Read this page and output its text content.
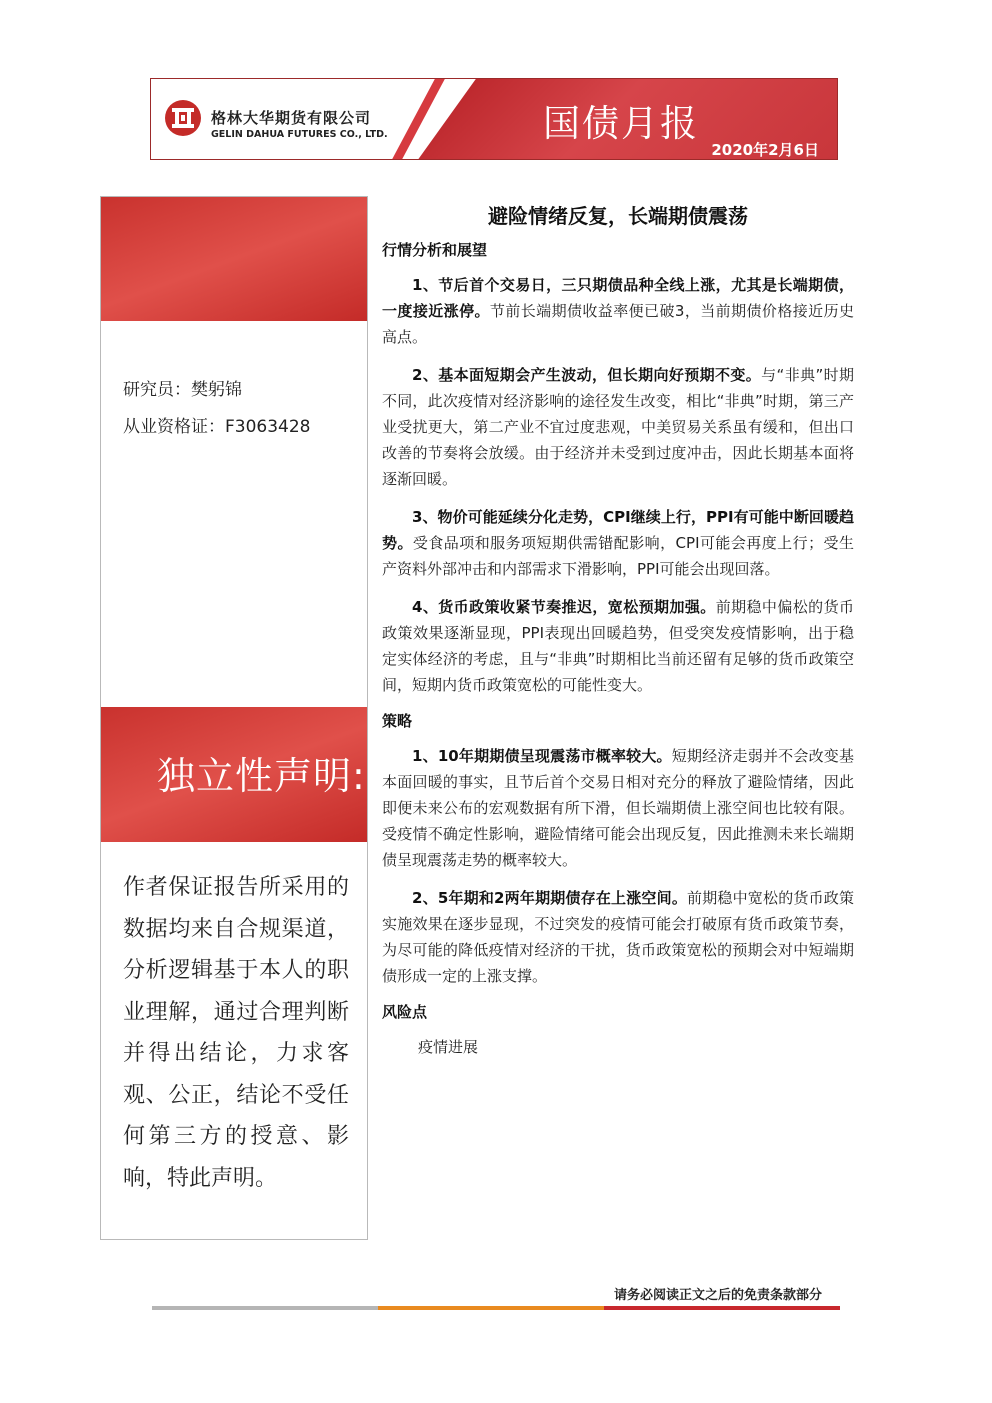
格林大华期货有限公司
GELIN DAHUA FUTURES CO., LTD.	国债月报
2020年2月6日
研究员：樊躬锦
从业资格证：F3063428
独立性声明:
作者保证报告所采用的数据均来自合规渠道，分析逻辑基于本人的职业理解，通过合理判断并得出结论，力求客观、公正，结论不受任何第三方的授意、影响，特此声明。
避险情绪反复，长端期债震荡
行情分析和展望

1、节后首个交易日，三只期债品种全线上涨，尤其是长端期债，一度接近涨停。节前长端期债收益率便已破3，当前期债价格接近历史高点。

2、基本面短期会产生波动，但长期向好预期不变。与“非典”时期不同，此次疫情对经济影响的途径发生改变，相比“非典”时期，第三产业受扰更大，第二产业不宜过度悲观，中美贸易关系虽有缓和，但出口改善的节奏将会放缓。由于经济并未受到过度冲击，因此长期基本面将逐渐回暖。

3、物价可能延续分化走势，CPI继续上行，PPI有可能中断回暖趋势。受食品项和服务项短期供需错配影响，CPI可能会再度上行；受生产资料外部冲击和内部需求下滑影响，PPI可能会出现回落。

4、货币政策收紧节奏推迟，宽松预期加强。前期稳中偏松的货币政策效果逐渐显现，PPI表现出回暖趋势，但受突发疫情影响，出于稳定实体经济的考虑，且与“非典”时期相比当前还留有足够的货币政策空间，短期内货币政策宽松的可能性变大。

策略

1、10年期期债呈现震荡市概率较大。短期经济走弱并不会改变基本面回暖的事实，且节后首个交易日相对充分的释放了避险情绪，因此即便未来公布的宏观数据有所下滑，但长端期债上涨空间也比较有限。受疫情不确定性影响，避险情绪可能会出现反复，因此推测未来长端期债呈现震荡走势的概率较大。

2、5年期和2两年期期债存在上涨空间。前期稳中宽松的货币政策实施效果在逐步显现，不过突发的疫情可能会打破原有货币政策节奏，为尽可能的降低疫情对经济的干扰，货币政策宽松的预期会对中短端期债形成一定的上涨支撑。

风险点

疫情进展

请务必阅读正文之后的免责条款部分
